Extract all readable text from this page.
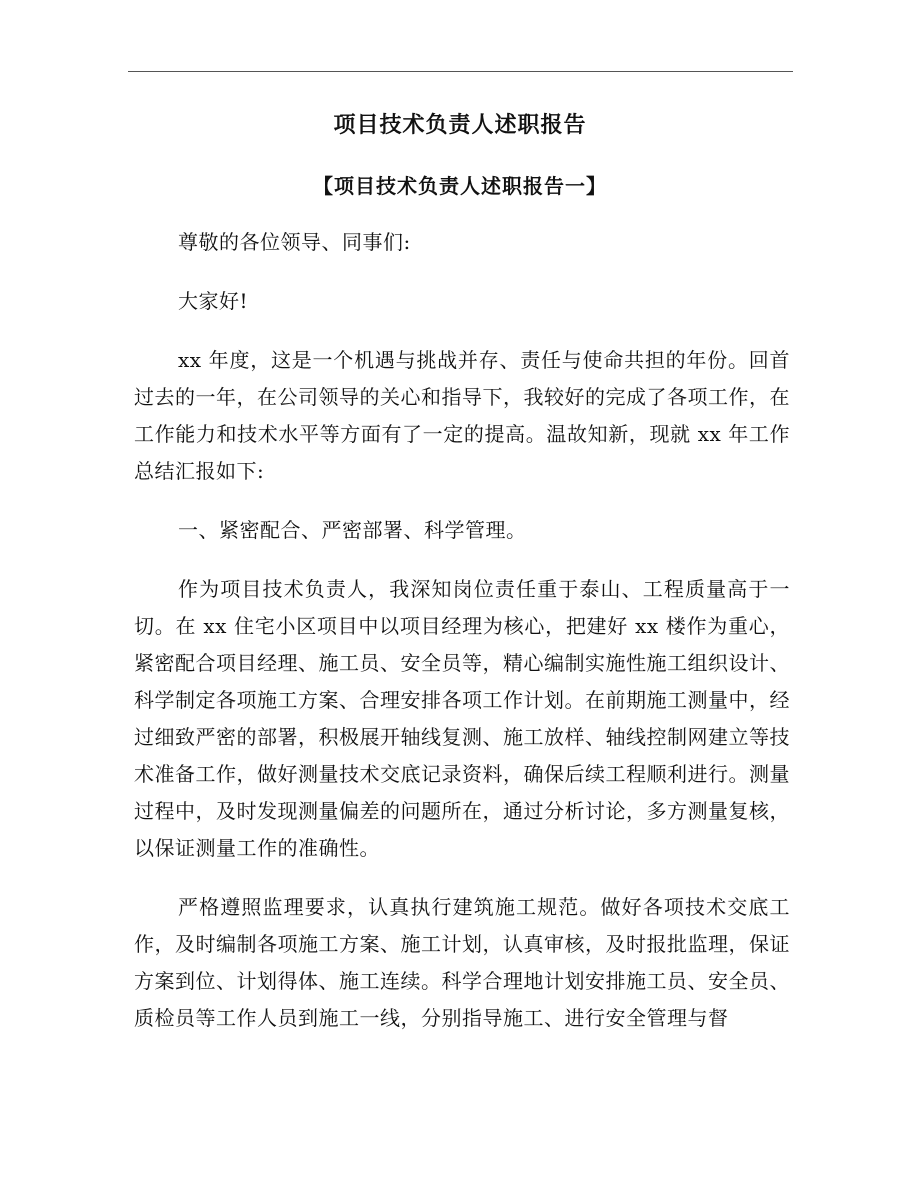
项目技术负责人述职报告
【项目技术负责人述职报告一】

尊敬的各位领导、同事们:

大家好!

xx 年度，这是一个机遇与挑战并存、责任与使命共担的年份。回首过去的一年，在公司领导的关心和指导下，我较好的完成了各项工作，在工作能力和技术水平等方面有了一定的提高。温故知新，现就 xx 年工作总结汇报如下:

一、紧密配合、严密部署、科学管理。

作为项目技术负责人，我深知岗位责任重于泰山、工程质量高于一切。在 xx 住宅小区项目中以项目经理为核心，把建好 xx 楼作为重心，紧密配合项目经理、施工员、安全员等，精心编制实施性施工组织设计、科学制定各项施工方案、合理安排各项工作计划。在前期施工测量中，经过细致严密的部署，积极展开轴线复测、施工放样、轴线控制网建立等技术准备工作，做好测量技术交底记录资料，确保后续工程顺利进行。测量过程中，及时发现测量偏差的问题所在，通过分析讨论，多方测量复核，以保证测量工作的准确性。

严格遵照监理要求，认真执行建筑施工规范。做好各项技术交底工作，及时编制各项施工方案、施工计划，认真审核，及时报批监理，保证方案到位、计划得体、施工连续。科学合理地计划安排施工员、安全员、质检员等工作人员到施工一线，分别指导施工、进行安全管理与督
